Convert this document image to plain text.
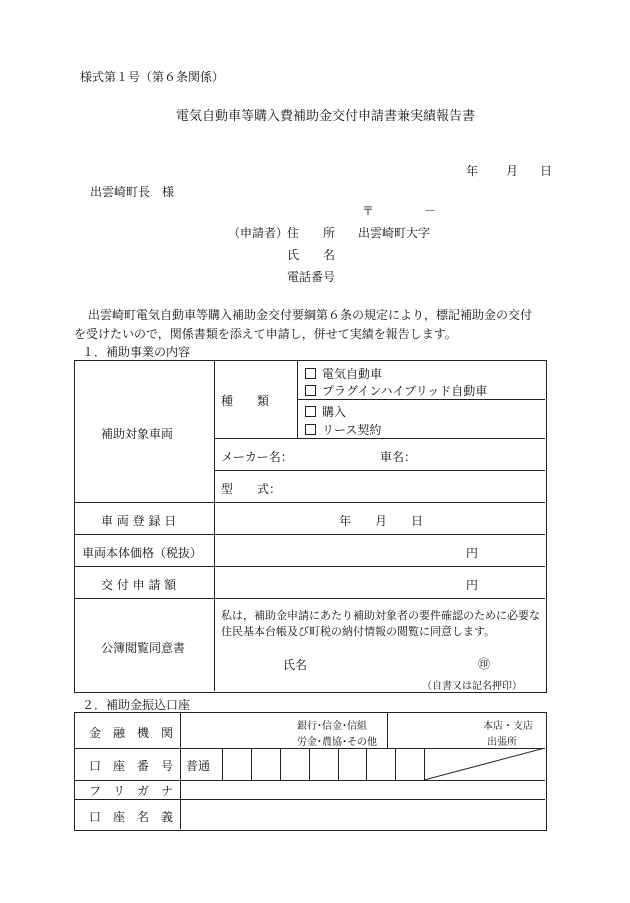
様式第１号（第６条関係）
電気自動車等購入費補助金交付申請書兼実績報告書
年 月 日
出雲崎町長　様
〒	－
（申請者）
住　　所 出雲崎町大字
氏　　名
電話番号
出雲崎町電気自動車等購入補助金交付要綱第６条の規定により，標記補助金の交付
を受けたいので，関係書類を添えて申請し，併せて実績を報告します。
１．補助事業の内容
補助対象車両
種　　類
電気自動車
プラグインハイブリッド自動車
購入
リース契約
メーカー名：	車名：
型　　式：
車 両 登 録 日	年 月 日
車両本体価格（税抜）	円
交 付 申 請 額	円
公簿閲覧同意書
私は，補助金申請にあたり補助対象者の要件確認のために必要な
住民基本台帳及び町税の納付情報の閲覧に同意します。
氏名	㊞
（自書又は記名押印）
２．補助金振込口座
金　融　機　関	銀行･信金･信組
労金･農協･その他
本店・支店
出張所
口　座　番　号 普通
フ　リ　ガ　ナ
口　座　名　義
